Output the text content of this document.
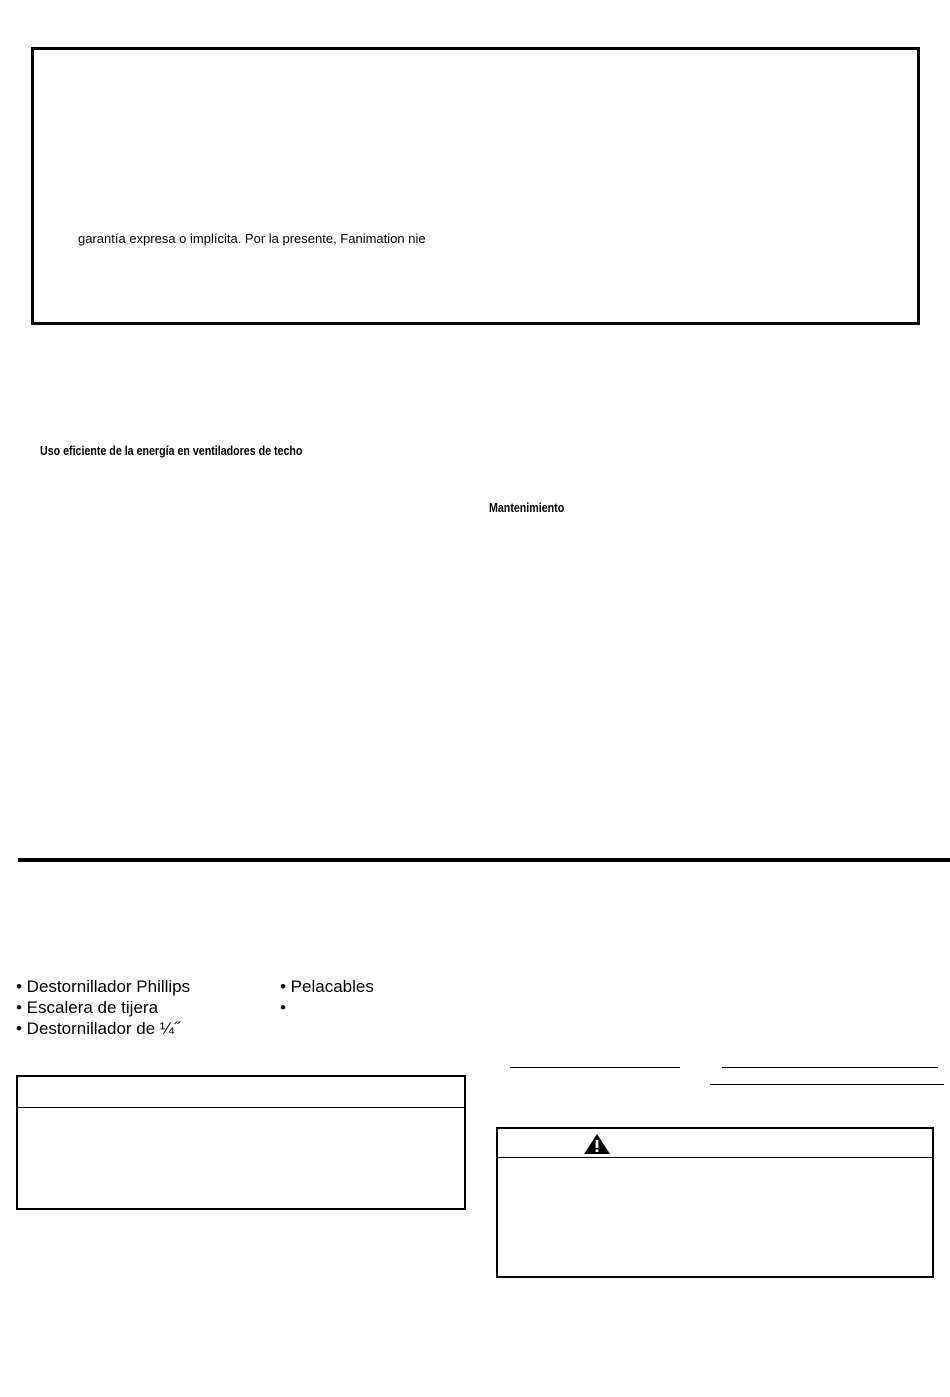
garantía expresa o implícita. Por la presente, Fanimation nie
Uso eficiente de la energía en ventiladores de techo
Mantenimiento
• Destornillador Phillips
• Escalera de tijera
• Destornillador de ¼˝
• Pelacables
•
